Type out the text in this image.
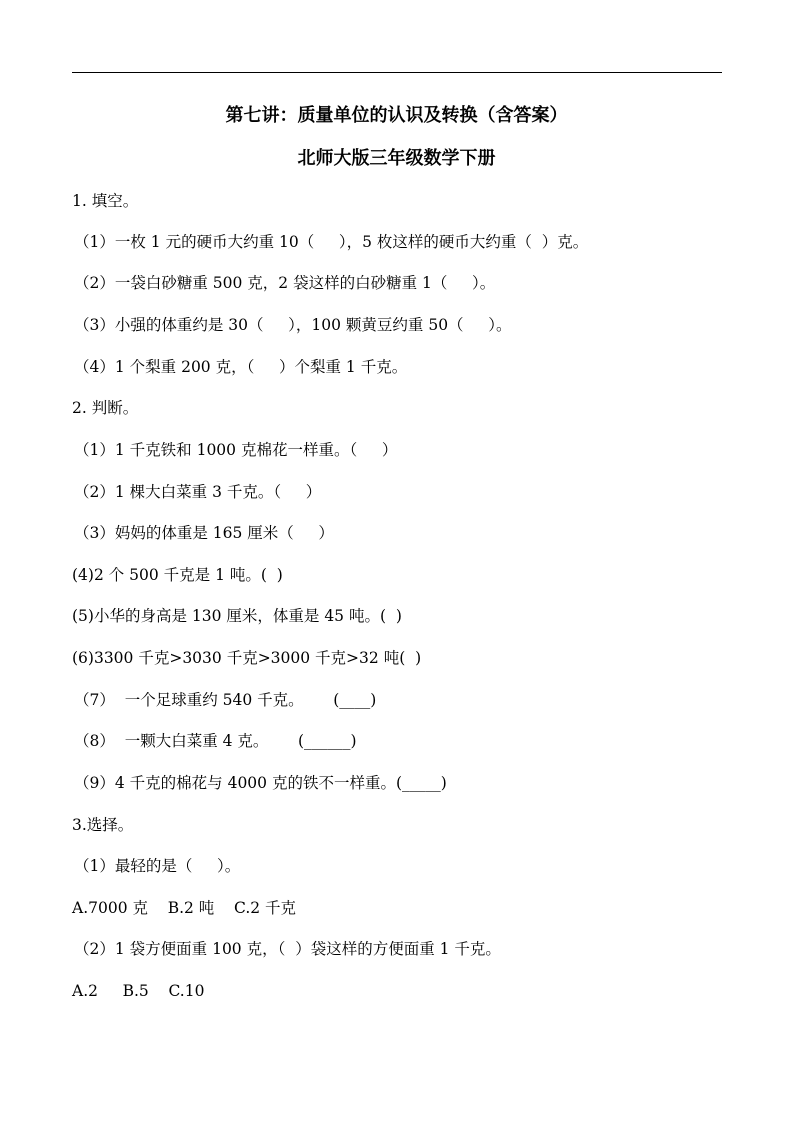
第七讲：质量单位的认识及转换（含答案）
北师大版三年级数学下册
1. 填空。
（1）一枚 1 元的硬币大约重 10（     ），5 枚这样的硬币大约重（  ）克。
（2）一袋白砂糖重 500 克，2 袋这样的白砂糖重 1（     ）。
（3）小强的体重约是 30（     ），100 颗黄豆约重 50（     ）。
（4）1 个梨重 200 克，（     ）个梨重 1 千克。
2. 判断。
（1）1 千克铁和 1000 克棉花一样重。（     ）
（2）1 棵大白菜重 3 千克。（     ）
（3）妈妈的体重是 165 厘米（     ）
(4)2 个 500 千克是 1 吨。(  )
(5)小华的身高是 130 厘米，体重是 45 吨。(  )
(6)3300 千克>3030 千克>3000 千克>32 吨(  )
（7）  一个足球重约 540 千克。      (____)
（8）  一颗大白菜重 4 克。      (______)
（9）4 千克的棉花与 4000 克的铁不一样重。(_____)
3.选择。
（1）最轻的是（     ）。
A.7000 克    B.2 吨    C.2 千克
（2）1 袋方便面重 100 克，（  ）袋这样的方便面重 1 千克。
A.2     B.5    C.10
